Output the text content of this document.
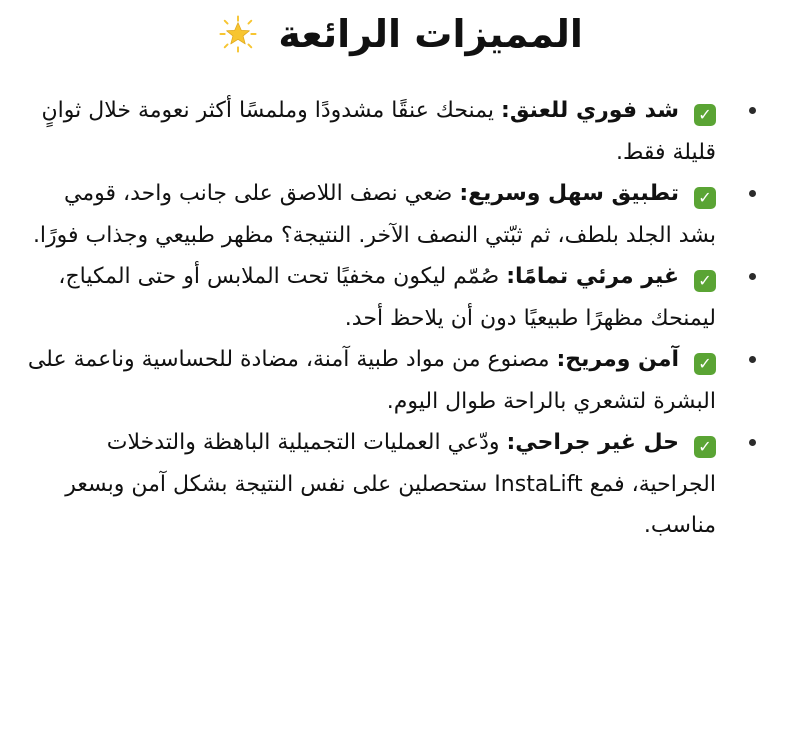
المميزات الرائعة
✓ شد فوري للعنق: يمنحك عنقًا مشدودًا وملمسًا أكثر نعومة خلال ثوانٍ قليلة فقط.
✓ تطبيق سهل وسريع: ضعي نصف اللاصق على جانب واحد، قومي بشد الجلد بلطف، ثم ثبّتي النصف الآخر. النتيجة؟ مظهر طبيعي وجذاب فورًا.
✓ غير مرئي تمامًا: صُمّم ليكون مخفيًا تحت الملابس أو حتى المكياج، ليمنحك مظهرًا طبيعيًا دون أن يلاحظ أحد.
✓ آمن ومريح: مصنوع من مواد طبية آمنة، مضادة للحساسية وناعمة على البشرة لتشعري بالراحة طوال اليوم.
✓ حل غير جراحي: ودّعي العمليات التجميلية الباهظة والتدخلات الجراحية، فمع InstaLift ستحصلين على نفس النتيجة بشكل آمن وبسعر مناسب.
